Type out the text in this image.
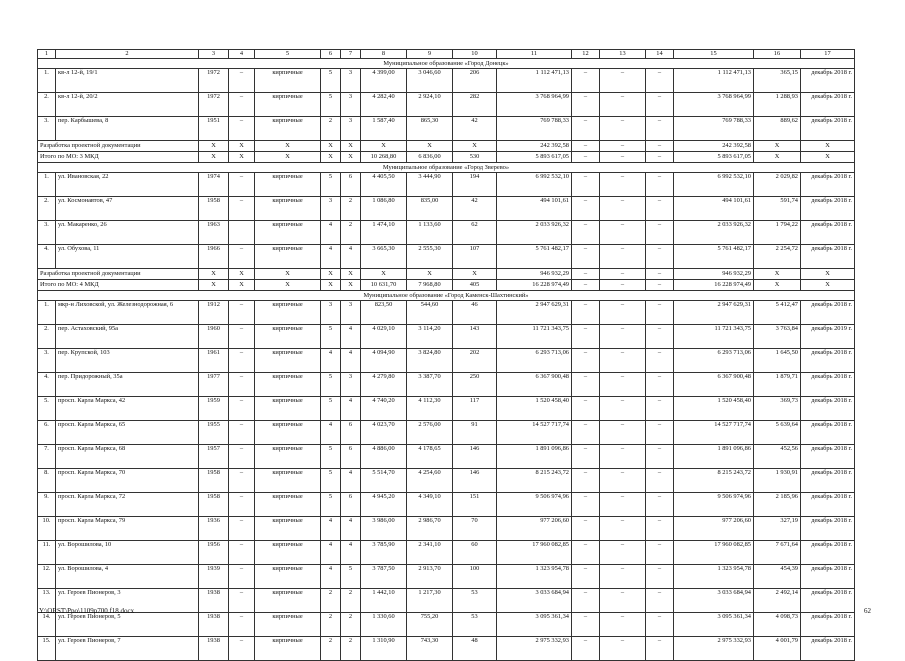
1	2	3	4	5	6	7	8	9	10	11	12	13	14	15	16	17
Муниципальное образование «Город Донецк»																
1.	кв-л 12-й, 19/1	1972	–	кирпичные	5	3	4 399,00	3 046,60	206	1 112 471,13	–	–	–	1 112 471,13	365,15	декабрь 2018 г.
2.	кв-л 12-й, 20/2	1972	–	кирпичные	5	3	4 282,40	2 924,10	282	3 768 964,99	–	–	–	3 768 964,99	1 288,93	декабрь 2018 г.
3.	пер. Карбышева, 8	1951	–	кирпичные	2	3	1 587,40	865,30	42	769 788,33	–	–	–	769 788,33	889,62	декабрь 2018 г.
Разработка проектной документации		X	X	X	X	X	X	X	X	242 392,58	–	–	–	242 392,58	X	X
Итого по МО: 3 МКД		X	X	X	X	X	10 268,80	6 836,00	530	5 893 617,05	–	–	–	5 893 617,05	X	X
Муниципальное образование «Город Зверево»																
1.	ул. Ивановская, 22	1974	–	кирпичные	5	6	4 405,50	3 444,90	194	6 992 532,10	–	–	–	6 992 532,10	2 029,82	декабрь 2018 г.
2.	ул. Космонавтов, 47	1958	–	кирпичные	3	2	1 086,80	835,00	42	494 101,61	–	–	–	494 101,61	591,74	декабрь 2018 г.
3.	ул. Макаренко, 26	1963		кирпичные	4	2	1 474,10	1 133,60	62	2 033 926,32	–	–	–	2 033 926,32	1 794,22	декабрь 2018 г.
4.	ул. Обухова, 11	1966	–	кирпичные	4	4	3 665,30	2 555,30	107	5 761 482,17	–	–	–	5 761 482,17	2 254,72	декабрь 2018 г.
Разработка проектной документации		X	X	X	X	X	X	X	X	946 932,29	–	–	–	946 932,29	X	X
Итого по МО: 4 МКД		X	X	X	X	X	10 631,70	7 968,80	405	16 228 974,49	–	–	–	16 228 974,49	X	X
Муниципальное образование «Город Каменск-Шахтинский»																
1.	мкр-н Лиховской, ул. Железнодорожная, 6	1912	–	кирпичные	3	3	823,50	544,60	46	2 947 629,31	–	–	–	2 947 629,31	5 412,47	декабрь 2018 г.
2.	пер. Астаховский, 95а	1960	–	кирпичные	5	4	4 029,10	3 114,20	143	11 721 343,75	–	–	–	11 721 343,75	3 763,84	декабрь 2019 г.
3.	пер. Крупской, 103	1961	–	кирпичные	4	4	4 094,90	3 824,80	202	6 293 713,06	–	–	–	6 293 713,06	1 645,50	декабрь 2018 г.
4.	пер. Придорожный, 35а	1977	–	кирпичные	5	3	4 279,80	3 387,70	250	6 367 900,48	–	–	–	6 367 900,48	1 879,71	декабрь 2018 г.
5.	просп. Карла Маркса, 42	1959	–	кирпичные	5	4	4 740,20	4 112,30	117	1 520 458,40	–	–	–	1 520 458,40	369,73	декабрь 2018 г.
6.	просп. Карла Маркса, 65	1955	–	кирпичные	4	6	4 023,70	2 576,00	91	14 527 717,74	–	–	–	14 527 717,74	5 639,64	декабрь 2018 г.
7.	просп. Карла Маркса, 68	1957	–	кирпичные	5	6	4 886,00	4 178,65	146	1 891 096,86	–	–	–	1 891 096,86	452,56	декабрь 2018 г.
8.	просп. Карла Маркса, 70	1958	–	кирпичные	5	4	5 514,70	4 254,60	146	8 215 243,72	–	–	–	8 215 243,72	1 930,91	декабрь 2018 г.
9.	просп. Карла Маркса, 72	1958	–	кирпичные	5	6	4 945,20	4 349,10	151	9 506 974,96	–	–	–	9 506 974,96	2 185,96	декабрь 2018 г.
10.	просп. Карла Маркса, 79	1936	–	кирпичные	4	4	3 986,00	2 986,70	70	977 206,60	–	–	–	977 206,60	327,19	декабрь 2018 г.
11.	ул. Ворошилова, 10	1956	–	кирпичные	4	4	3 785,90	2 341,10	60	17 960 082,85	–	–	–	17 960 082,85	7 671,64	декабрь 2018 г.
12.	ул. Ворошилова, 4	1939	–	кирпичные	4	5	3 787,50	2 913,70	100	1 323 954,78	–	–	–	1 323 954,78	454,39	декабрь 2018 г.
13.	ул. Героев Пионеров, 3	1938	–	кирпичные	2	2	1 442,10	1 217,30	53	3 033 684,94	–	–	–	3 033 684,94	2 492,14	декабрь 2018 г.
14.	ул. Героев Пионеров, 5	1938	–	кирпичные	2	2	1 330,60	755,20	53	3 095 361,34	–	–	–	3 095 361,34	4 098,73	декабрь 2018 г.
15.	ул. Героев Пионеров, 7	1938	–	кирпичные	2	2	1 310,90	743,30	48	2 975 332,93	–	–	–	2 975 332,93	4 001,79	декабрь 2018 г.
Y:\ORST\Ppo\1109p700.f18.docx	62
